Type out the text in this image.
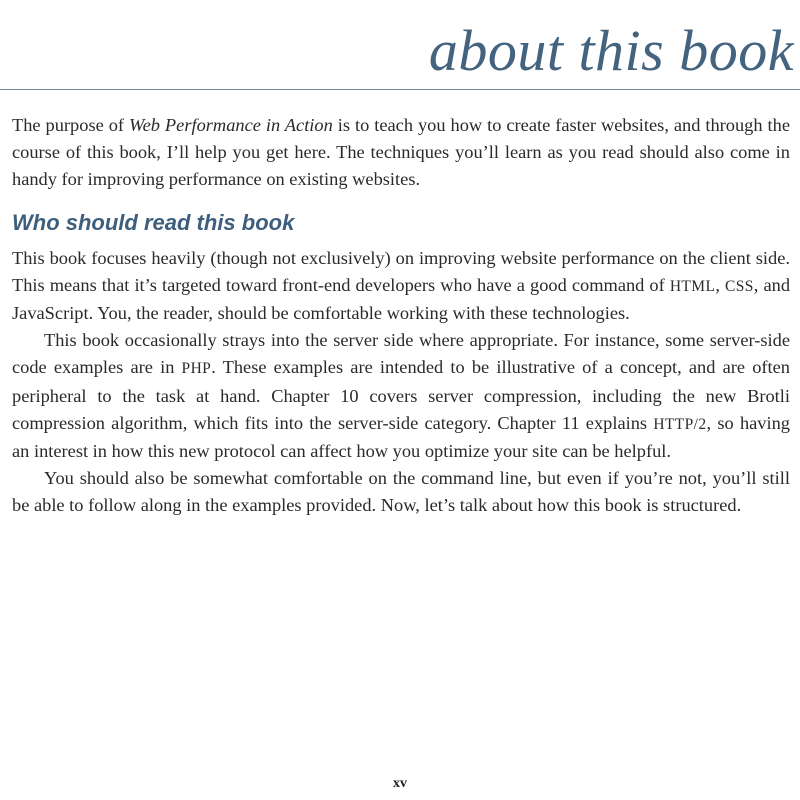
about this book

The purpose of Web Performance in Action is to teach you how to create faster websites, and through the course of this book, I’ll help you get here. The techniques you’ll learn as you read should also come in handy for improving performance on existing websites.

Who should read this book

This book focuses heavily (though not exclusively) on improving website performance on the client side. This means that it’s targeted toward front-end developers who have a good command of HTML, CSS, and JavaScript. You, the reader, should be comfortable working with these technologies.

This book occasionally strays into the server side where appropriate. For instance, some server-side code examples are in PHP. These examples are intended to be illustrative of a concept, and are often peripheral to the task at hand. Chapter 10 covers server compression, including the new Brotli compression algorithm, which fits into the server-side category. Chapter 11 explains HTTP/2, so having an interest in how this new protocol can affect how you optimize your site can be helpful.

You should also be somewhat comfortable on the command line, but even if you’re not, you’ll still be able to follow along in the examples provided. Now, let’s talk about how this book is structured.

xv
